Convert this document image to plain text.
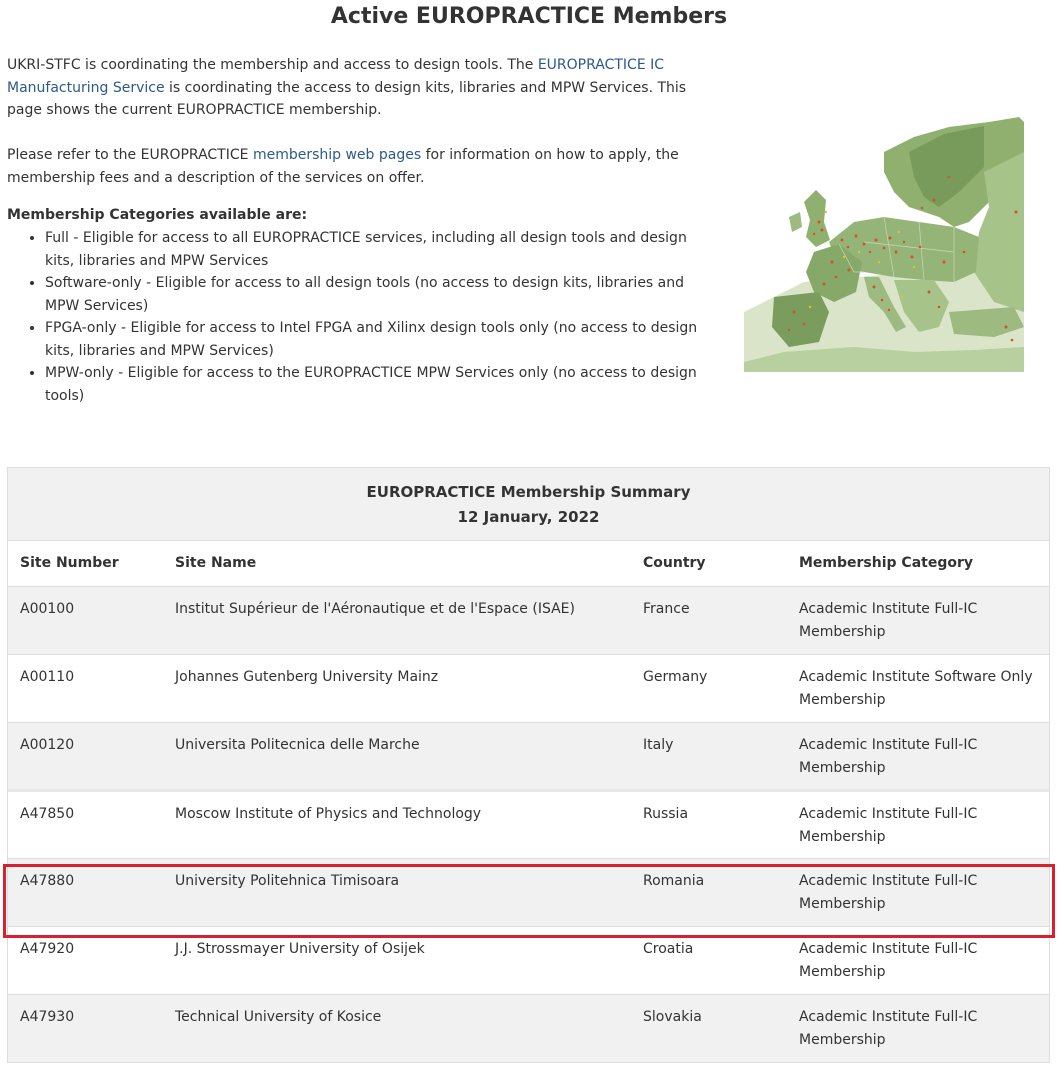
Active EUROPRACTICE Members

UKRI-STFC is coordinating the membership and access to design tools. The EUROPRACTICE IC Manufacturing Service is coordinating the access to design kits, libraries and MPW Services. This page shows the current EUROPRACTICE membership.

Please refer to the EUROPRACTICE membership web pages for information on how to apply, the membership fees and a description of the services on offer.

Membership Categories available are:
• Full - Eligible for access to all EUROPRACTICE services, including all design tools and design kits, libraries and MPW Services
• Software-only - Eligible for access to all design tools (no access to design kits, libraries and MPW Services)
• FPGA-only - Eligible for access to Intel FPGA and Xilinx design tools only (no access to design kits, libraries and MPW Services)
• MPW-only - Eligible for access to the EUROPRACTICE MPW Services only (no access to design tools)
EUROPRACTICE Membership Summary
12 January, 2022
Site Number	Site Name	Country	Membership Category
A00100	Institut Supérieur de l'Aéronautique et de l'Espace (ISAE)	France	Academic Institute Full-IC Membership
A00110	Johannes Gutenberg University Mainz	Germany	Academic Institute Software Only Membership
A00120	Universita Politecnica delle Marche	Italy	Academic Institute Full-IC Membership
A47850	Moscow Institute of Physics and Technology	Russia	Academic Institute Full-IC Membership
A47880	University Politehnica Timisoara	Romania	Academic Institute Full-IC Membership
A47920	J.J. Strossmayer University of Osijek	Croatia	Academic Institute Full-IC Membership
A47930	Technical University of Kosice	Slovakia	Academic Institute Full-IC Membership
